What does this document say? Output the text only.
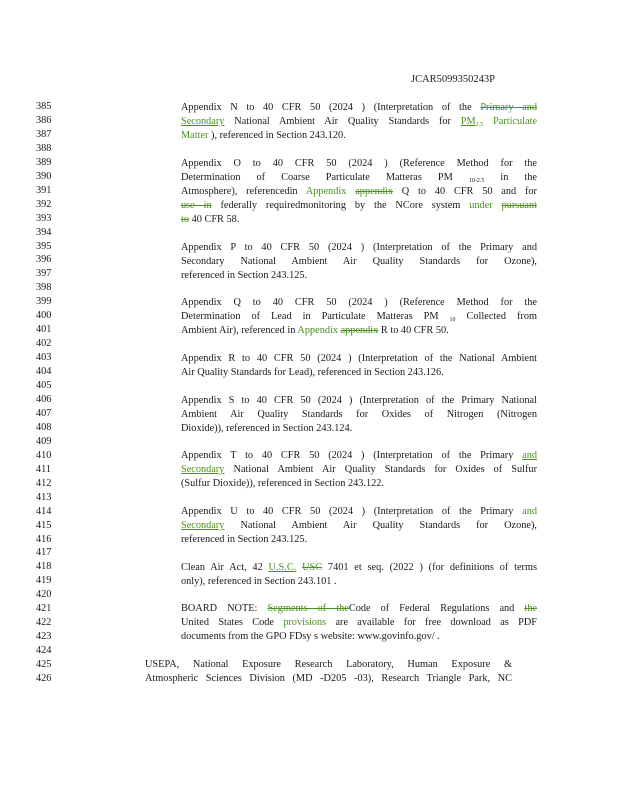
JCAR5099350243P
385
386
387
388
389
390
391
392
393
394
395
396
397
398
399
400
401
402
403
404
405
406
407
408
409
410
411
412
413
414
415
416
417
418
419
420
421
422
423
424
425
426
Appendix N to 40 CFR 50 (2024 ) (Interpretation of the Primary and
Secondary National Ambient Air Quality Standards for PM2.5 Particulate
Matter ), referenced in Section 243.120.
Appendix O to 40 CFR 50 (2024 ) (Reference Method for the
Determination of Coarse Particulate Matteras PM	10-2.5 in the
Atmosphere), referencedin Appendix appendix Q to 40 CFR 50 and for
use in federally requiredmonitoring by the NCore system under pursuant
to 40 CFR 58.
Appendix P to 40 CFR 50 (2024 ) (Interpretation of the Primary and
Secondary National Ambient Air Quality Standards for Ozone),
referenced in Section 243.125.
Appendix Q to 40 CFR 50 (2024 ) (Reference Method for the
Determination of Lead in Particulate Matteras PM 10 Collected from
Ambient Air), referenced in Appendix appendix R to 40 CFR 50.
Appendix R to 40 CFR 50 (2024 ) (Interpretation of the National Ambient
Air Quality Standards for Lead), referenced in Section 243.126.
Appendix S to 40 CFR 50 (2024 ) (Interpretation of the Primary National
Ambient Air Quality Standards for Oxides of Nitrogen (Nitrogen
Dioxide)), referenced in Section 243.124.
Appendix T to 40 CFR 50 (2024 ) (Interpretation of the Primary and
Secondary National Ambient Air Quality Standards for Oxides of Sulfur
(Sulfur Dioxide)), referenced in Section 243.122.
Appendix U to 40 CFR 50 (2024 ) (Interpretation of the Primary and
Secondary National Ambient Air Quality Standards for Ozone),
referenced in Section 243.125.
Clean Air Act, 42 U.S.C. USC 7401 et seq. (2022 ) (for definitions of terms
only), referenced in Section 243.101 .
BOARD NOTE: Segments of theCode of Federal Regulations and the
United States Code provisions are available for free download as PDF
documents from the GPO FDsy s website: www.govinfo.gov/ .
USEPA, National Exposure Research Laboratory, Human Exposure &
Atmospheric Sciences Division (MD -D205 -03), Research Triangle Park, NC
